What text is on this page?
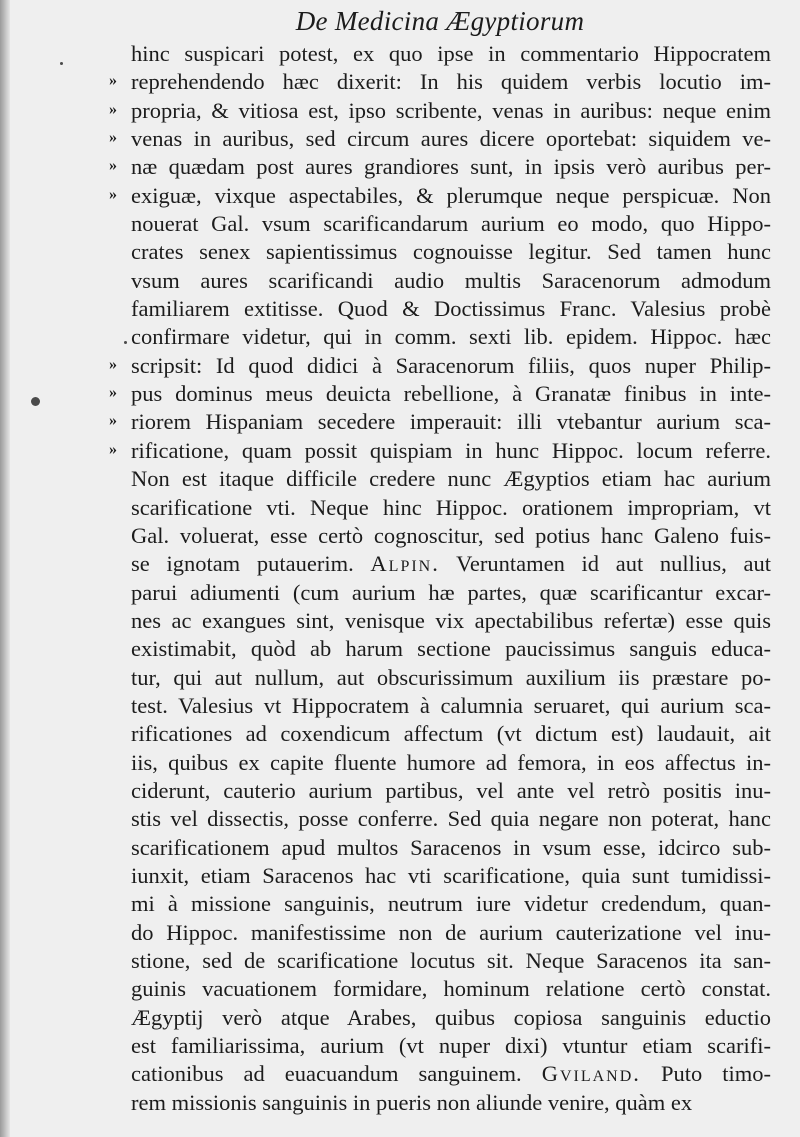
De Medicina Ægyptiorum
hinc suspicari potest, ex quo ipse in commentario Hippocratem
» reprehendendo hæc dixerit: In his quidem verbis locutio im-
» propria, & vitiosa est, ipso scribente, venas in auribus: neque enim
» venas in auribus, sed circum aures dicere oportebat: siquidem ve-
» næ quædam post aures grandiores sunt, in ipsis verò auribus per-
» exiguæ, vixque aspectabiles, & plerumque neque perspicuæ. Non
nouerat Gal. vsum scarificandarum aurium eo modo, quo Hippo-
crates senex sapientissimus cognouisse legitur. Sed tamen hunc
vsum aures scarificandi audio multis Saracenorum admodum
familiarem extitisse. Quod & Doctissimus Franc. Valesius probè
confirmare videtur, qui in comm. sexti lib. epidem. Hippoc. hæc
» scripsit: Id quod didici à Saracenorum filiis, quos nuper Philip-
» pus dominus meus deuicta rebellione, à Granatæ finibus in inte-
» riorem Hispaniam secedere imperauit: illi vtebantur aurium sca-
» rificatione, quam possit quispiam in hunc Hippoc. locum referre.
Non est itaque difficile credere nunc Ægyptios etiam hac aurium
scarificatione vti. Neque hinc Hippoc. orationem impropriam, vt
Gal. voluerat, esse certò cognoscitur, sed potius hanc Galeno fuis-
se ignotam putauerim. Alpin. Veruntamen id aut nullius, aut
parui adiumenti (cum aurium hæ partes, quæ scarificantur excar-
nes ac exangues sint, venisque vix apectabilibus refertæ) esse quis
existimabit, quòd ab harum sectione paucissimus sanguis educa-
tur, qui aut nullum, aut obscurissimum auxilium iis præstare po-
test. Valesius vt Hippocratem à calumnia seruaret, qui aurium sca-
rificationes ad coxendicum affectum (vt dictum est) laudauit, ait
iis, quibus ex capite fluente humore ad femora, in eos affectus in-
ciderunt, cauterio aurium partibus, vel ante vel retrò positis inu-
stis vel dissectis, posse conferre. Sed quia negare non poterat, hanc
scarificationem apud multos Saracenos in vsum esse, idcirco sub-
iunxit, etiam Saracenos hac vti scarificatione, quia sunt tumidissi-
mi à missione sanguinis, neutrum iure videtur credendum, quan-
do Hippoc. manifestissime non de aurium cauterizatione vel inu-
stione, sed de scarificatione locutus sit. Neque Saracenos ita san-
guinis vacuationem formidare, hominum relatione certò constat.
Ægyptij verò atque Arabes, quibus copiosa sanguinis eductio
est familiarissima, aurium (vt nuper dixi) vtuntur etiam scarifi-
cationibus ad euacuandum sanguinem. Gviland. Puto timo-
rem missionis sanguinis in pueris non aliunde venire, quàm ex
